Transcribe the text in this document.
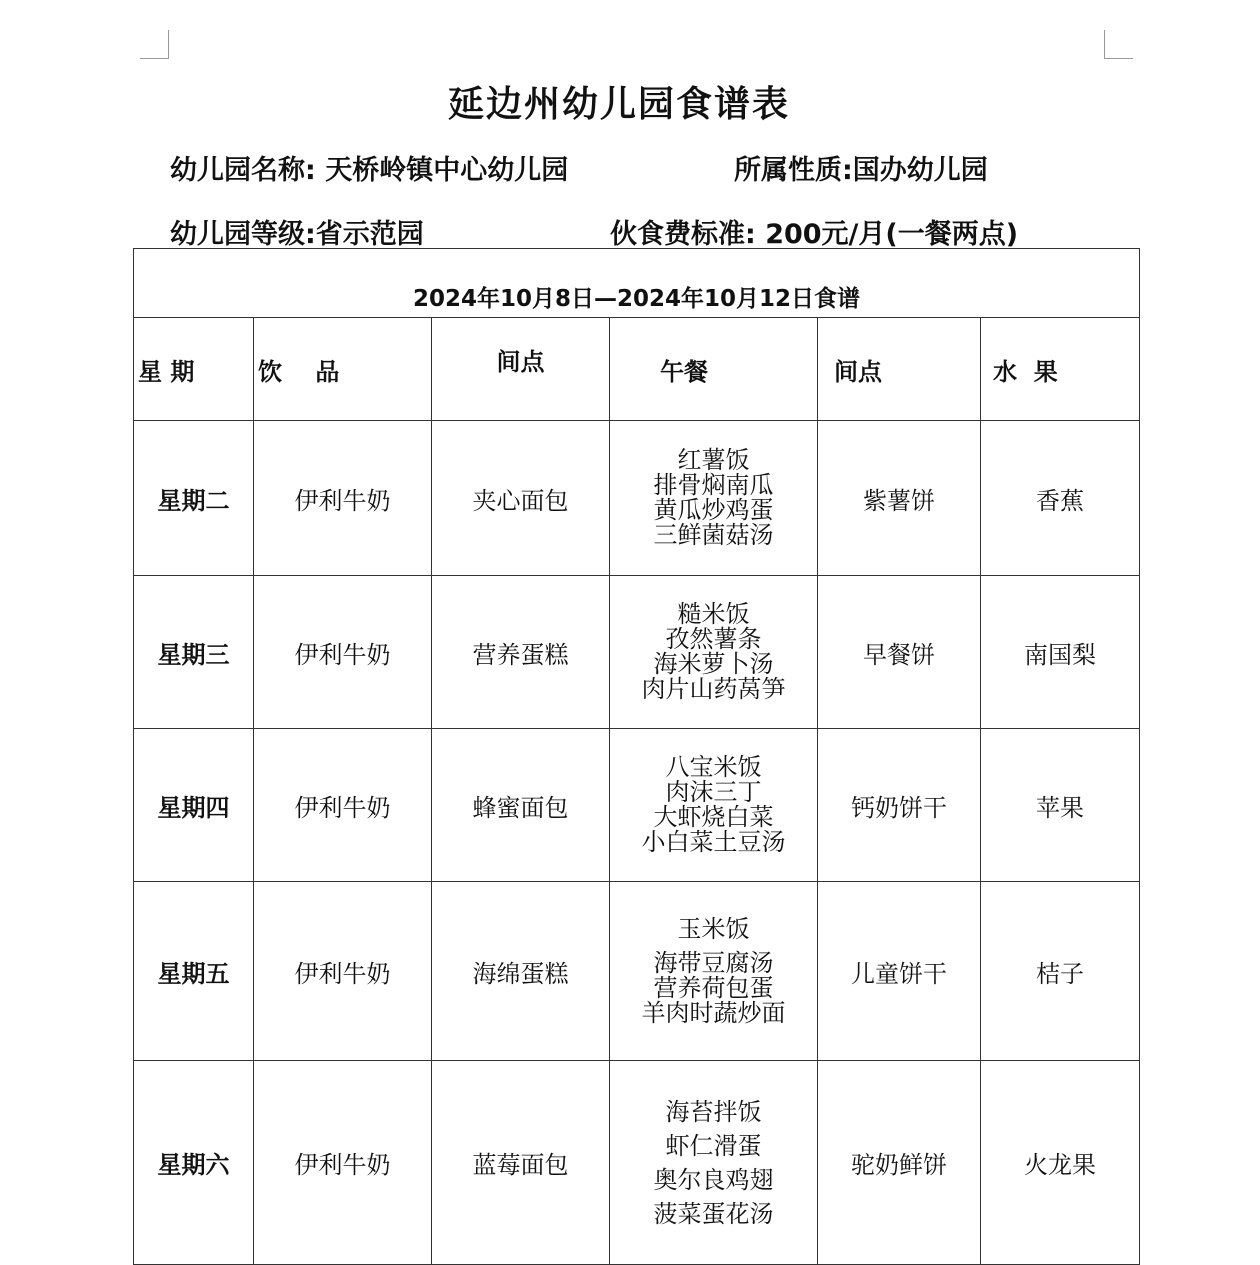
延边州幼儿园食谱表
幼儿园名称: 天桥岭镇中心幼儿园	所属性质:国办幼儿园
幼儿园等级:省示范园	伙食费标准: 200元/月(一餐两点)
2024年10月8日—2024年10月12日食谱					

星 期	饮    品	间点	午餐	间点	水  果
星期二	伊利牛奶	夹心面包	红薯饭
排骨焖南瓜
黄瓜炒鸡蛋
三鲜菌菇汤	紫薯饼	香蕉
星期三	伊利牛奶	营养蛋糕	糙米饭
孜然薯条
海米萝卜汤
肉片山药莴笋	早餐饼	南国梨
星期四	伊利牛奶	蜂蜜面包	八宝米饭
肉沫三丁
大虾烧白菜
小白菜土豆汤	钙奶饼干	苹果
星期五	伊利牛奶	海绵蛋糕	玉米饭
海带豆腐汤
营养荷包蛋
羊肉时蔬炒面	儿童饼干	桔子
星期六	伊利牛奶	蓝莓面包	海苔拌饭
虾仁滑蛋
奥尔良鸡翅
菠菜蛋花汤	驼奶鲜饼	火龙果
